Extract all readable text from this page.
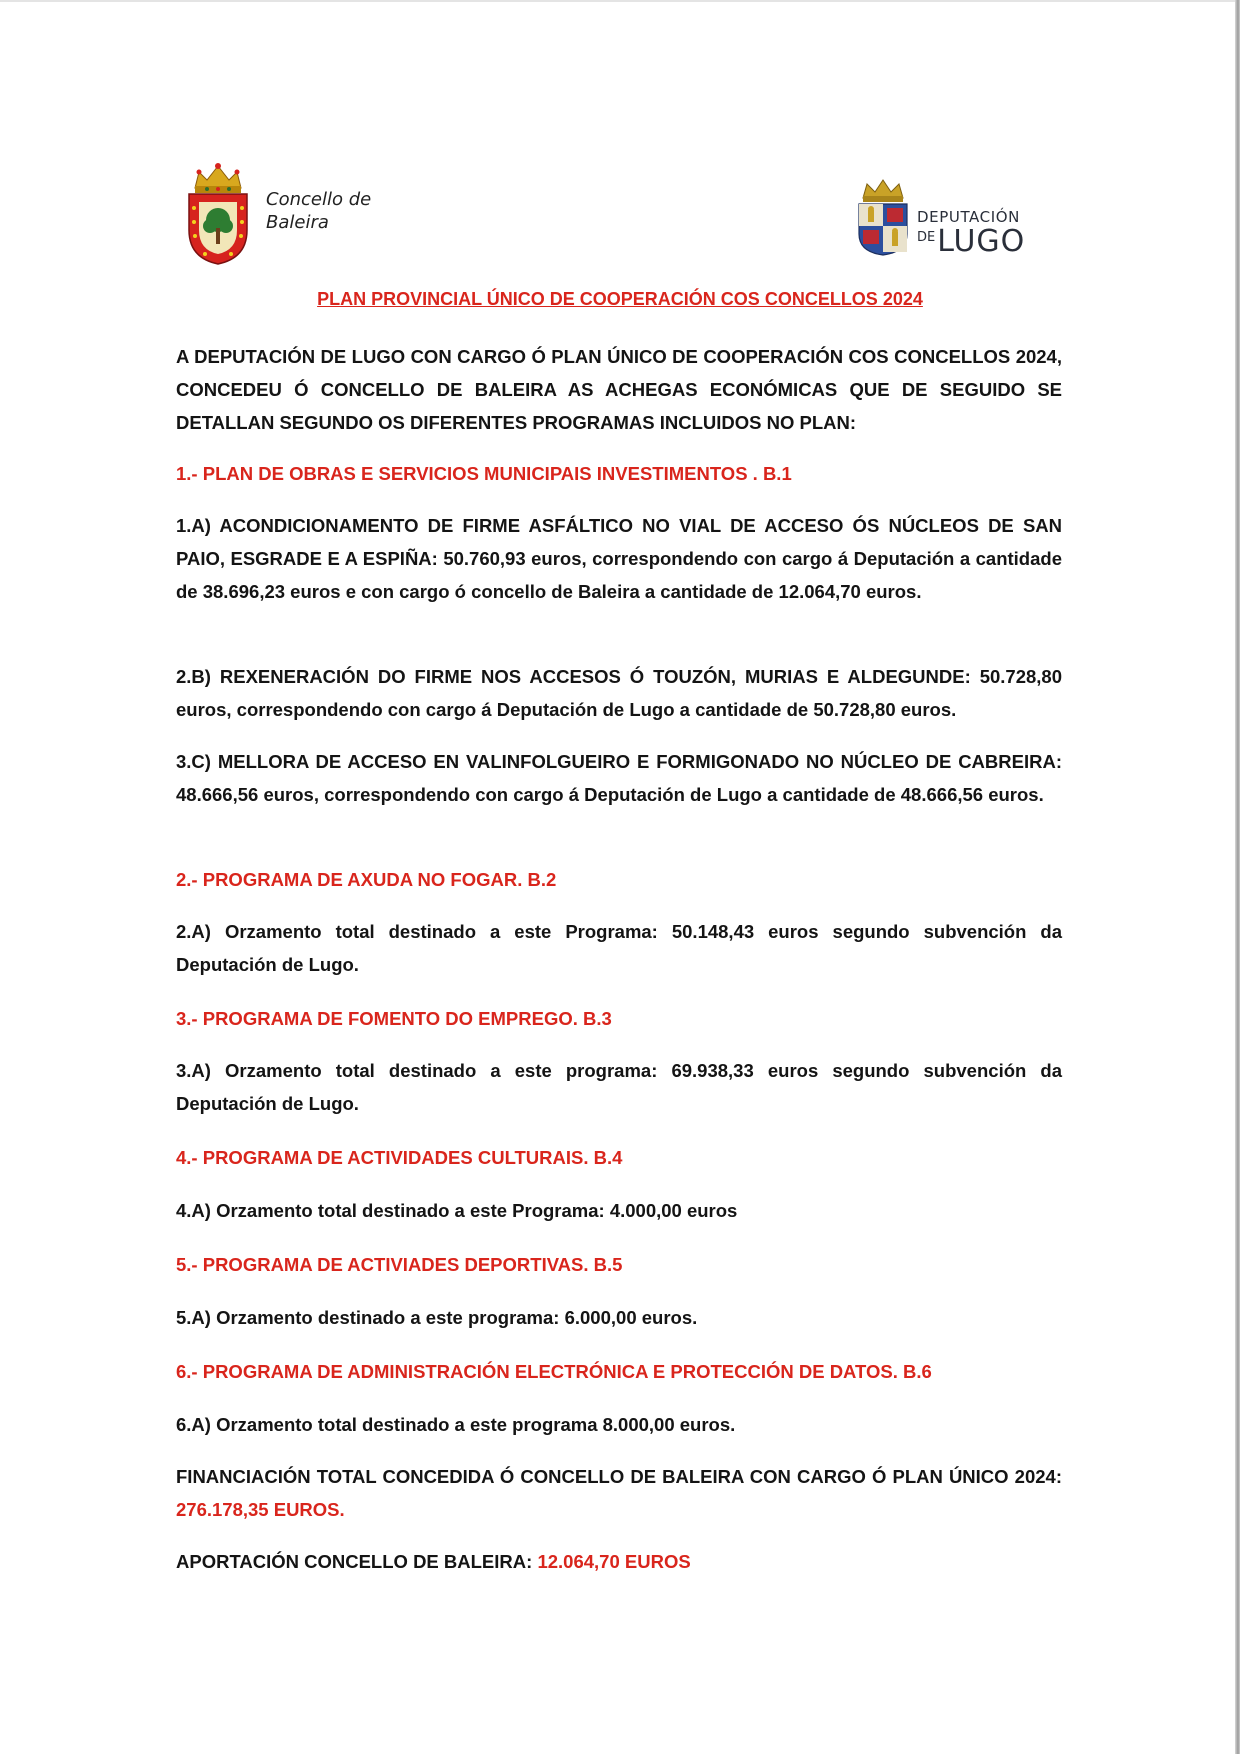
Concello de
Baleira	DEPUTACIÓN
$^{DE}$LUGO
PLAN PROVINCIAL ÚNICO DE COOPERACIÓN COS CONCELLOS 2024
A DEPUTACIÓN DE LUGO CON CARGO Ó PLAN ÚNICO DE COOPERACIÓN COS CONCELLOS 2024, CONCEDEU Ó CONCELLO DE BALEIRA AS ACHEGAS ECONÓMICAS QUE DE SEGUIDO SE DETALLAN SEGUNDO OS DIFERENTES PROGRAMAS INCLUIDOS NO PLAN:
1.- PLAN DE OBRAS E SERVICIOS MUNICIPAIS INVESTIMENTOS . B.1
1.A) ACONDICIONAMENTO DE FIRME ASFÁLTICO NO VIAL DE ACCESO ÓS NÚCLEOS DE SAN PAIO, ESGRADE E A ESPIÑA: 50.760,93 euros, correspondendo con cargo á Deputación a cantidade de 38.696,23 euros e con cargo ó concello de Baleira a cantidade de 12.064,70 euros.
2.B) REXENERACIÓN DO FIRME NOS ACCESOS Ó TOUZÓN, MURIAS E ALDEGUNDE: 50.728,80 euros, correspondendo con cargo á Deputación de Lugo a cantidade de 50.728,80 euros.
3.C) MELLORA DE ACCESO EN VALINFOLGUEIRO E FORMIGONADO NO NÚCLEO DE CABREIRA: 48.666,56 euros, correspondendo con cargo á Deputación de Lugo a cantidade de 48.666,56 euros.
2.- PROGRAMA DE AXUDA NO FOGAR. B.2
2.A) Orzamento total destinado a este Programa: 50.148,43 euros segundo subvención da Deputación de Lugo.
3.- PROGRAMA DE FOMENTO DO EMPREGO. B.3
3.A) Orzamento total destinado a este programa: 69.938,33 euros segundo subvención da Deputación de Lugo.
4.- PROGRAMA DE ACTIVIDADES CULTURAIS. B.4
4.A) Orzamento total destinado a este Programa: 4.000,00 euros
5.- PROGRAMA DE ACTIVIADES DEPORTIVAS. B.5
5.A) Orzamento destinado a este programa: 6.000,00 euros.
6.- PROGRAMA DE ADMINISTRACIÓN ELECTRÓNICA E PROTECCIÓN DE DATOS. B.6
6.A) Orzamento total destinado a este programa 8.000,00 euros.
FINANCIACIÓN TOTAL CONCEDIDA Ó CONCELLO DE BALEIRA CON CARGO Ó PLAN ÚNICO 2024: 276.178,35 EUROS.
APORTACIÓN CONCELLO DE BALEIRA: 12.064,70 EUROS
